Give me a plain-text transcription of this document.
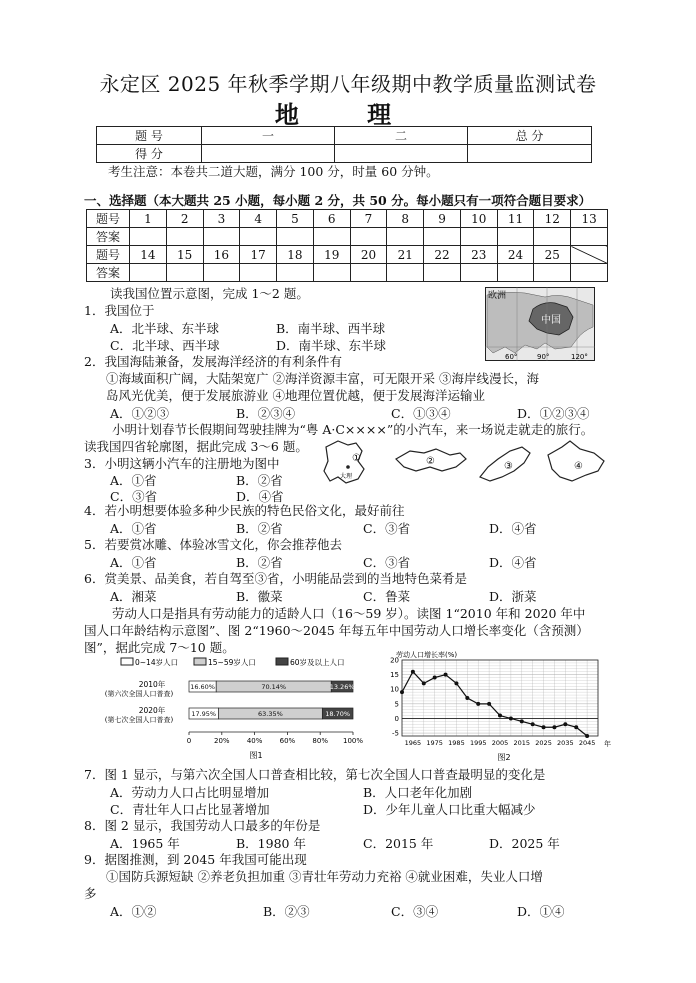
永定区 2025 年秋季学期八年级期中教学质量监测试卷
地 理
题 号	一	二	总 分
得 分			
考生注意：本卷共二道大题，满分 100 分，时量 60 分钟。
一、选择题（本大题共 25 小题，每小题 2 分，共 50 分。每小题只有一项符合题目要求）
题号	1	2	3	4	5	6	7	8	9	10	11	12	13
答案													
题号	14	15	16	17	18	19	20	21	22	23	24	25	
答案													
欧洲
中国
60°	90°	120°
读我国位置示意图，完成 1～2 题。
1．我国位于
A．北半球、东半球	B．南半球、西半球
C．北半球、西半球	D．南半球、东半球
2．我国海陆兼备，发展海洋经济的有利条件有
①海域面积广阔，大陆架宽广 ②海洋资源丰富，可无限开采 ③海岸线漫长，海
岛风光优美，便于发展旅游业 ④地理位置优越，便于发展海洋运输业
A．①②③	B．②③④	C．①③④	D．①②③④
小明计划春节长假期间驾驶挂牌为“粤 A·C××××”的小汽车，来一场说走就走的旅行。
读我国四省轮廓图，据此完成 3～6 题。
①
大理
②	③	④
3．小明这辆小汽车的注册地为图中
A．①省	B．②省
C．③省	D．④省
4．若小明想要体验多种少民族的特色民俗文化，最好前往
A．①省	B．②省	C．③省	D．④省
5．若要赏冰雕、体验冰雪文化，你会推荐他去
A．①省	B．②省	C．③省	D．④省
6．赏美景、品美食，若自驾至③省，小明能品尝到的当地特色菜肴是
A．湘菜	B．徽菜	C．鲁菜	D．浙菜
劳动人口是指具有劳动能力的适龄人口（16～59 岁）。读图 1“2010 年和 2020 年中
国人口年龄结构示意图”、图 2“1960～2045 年每五年中国劳动人口增长率变化（含预测）
图”，据此完成 7～10 题。
0~14岁人口	15~59岁人口	60岁及以上人口
2010年
(第六次全国人口普查)
2020年
(第七次全国人口普查)
16.60%	70.14%	13.26%
17.95%	63.35%	18.70%
0	20% 40% 60% 80% 100%
图1
劳动人口增长率(%)
20
15
10
5
0
-5
1965 1975 1985 1995 2005 2015 2025 2035 2045 年
图2
7．图 1 显示，与第六次全国人口普查相比较，第七次全国人口普查最明显的变化是
A．劳动力人口占比明显增加	B．人口老年化加剧
C．青壮年人口占比显著增加	D．少年儿童人口比重大幅减少
8．图 2 显示，我国劳动人口最多的年份是
A．1965 年	B．1980 年	C．2015 年	D．2025 年
9．据图推测，到 2045 年我国可能出现
①国防兵源短缺 ②养老负担加重 ③青壮年劳动力充裕 ④就业困难，失业人口增
多
A．①②	B．②③	C．③④	D．①④
